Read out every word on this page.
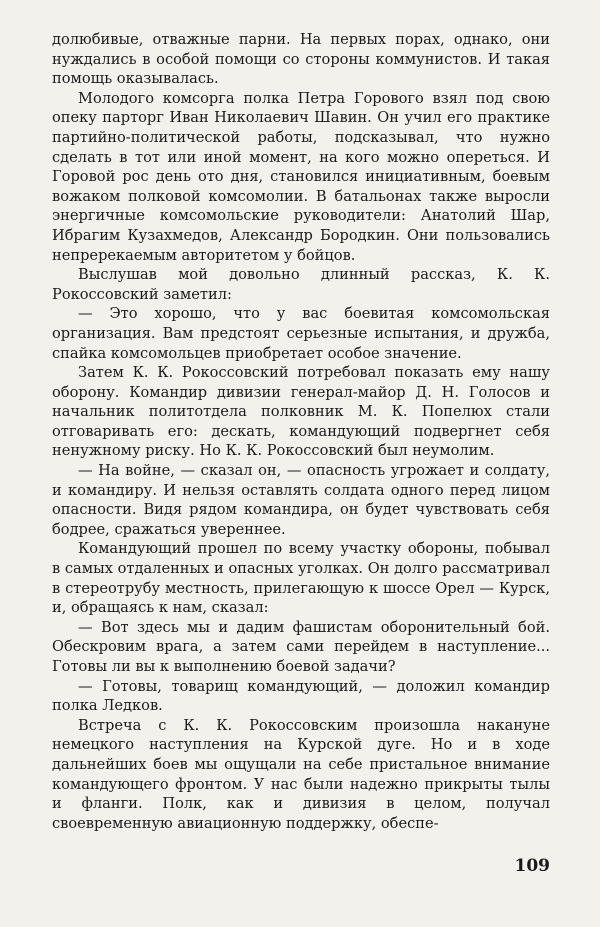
долюбивые, отважные парни. На первых порах, однако, они нуждались в особой помощи со стороны коммунистов. И такая помощь оказывалась.

Молодого комсорга полка Петра Горового взял под свою опеку парторг Иван Николаевич Шавин. Он учил его практике партийно-политической работы, подсказывал, что нужно сделать в тот или иной момент, на кого можно опереться. И Горовой рос день ото дня, становился инициативным, боевым вожаком полковой комсомолии. В батальонах также выросли энергичные комсомольские руководители: Анатолий Шар, Ибрагим Кузахмедов, Александр Бородкин. Они пользовались непререкаемым авторитетом у бойцов.

Выслушав мой довольно длинный рассказ, К. К. Рокоссовский заметил:

— Это хорошо, что у вас боевитая комсомольская организация. Вам предстоят серьезные испытания, и дружба, спайка комсомольцев приобретает особое значение.

Затем К. К. Рокоссовский потребовал показать ему нашу оборону. Командир дивизии генерал-майор Д. Н. Голосов и начальник политотдела полковник М. К. Попелюх стали отговаривать его: дескать, командующий подвергнет себя ненужному риску. Но К. К. Рокоссовский был неумолим.

— На войне, — сказал он, — опасность угрожает и солдату, и командиру. И нельзя оставлять солдата одного перед лицом опасности. Видя рядом командира, он будет чувствовать себя бодрее, сражаться увереннее.

Командующий прошел по всему участку обороны, побывал в самых отдаленных и опасных уголках. Он долго рассматривал в стереотрубу местность, прилегающую к шоссе Орел — Курск, и, обращаясь к нам, сказал:

— Вот здесь мы и дадим фашистам оборонительный бой. Обескровим врага, а затем сами перейдем в наступление... Готовы ли вы к выполнению боевой задачи?

— Готовы, товарищ командующий, — доложил командир полка Ледков.

Встреча с К. К. Рокоссовским произошла накануне немецкого наступления на Курской дуге. Но и в ходе дальнейших боев мы ощущали на себе пристальное внимание командующего фронтом. У нас были надежно прикрыты тылы и фланги. Полк, как и дивизия в целом, получал своевременную авиационную поддержку, обеспе-

109
